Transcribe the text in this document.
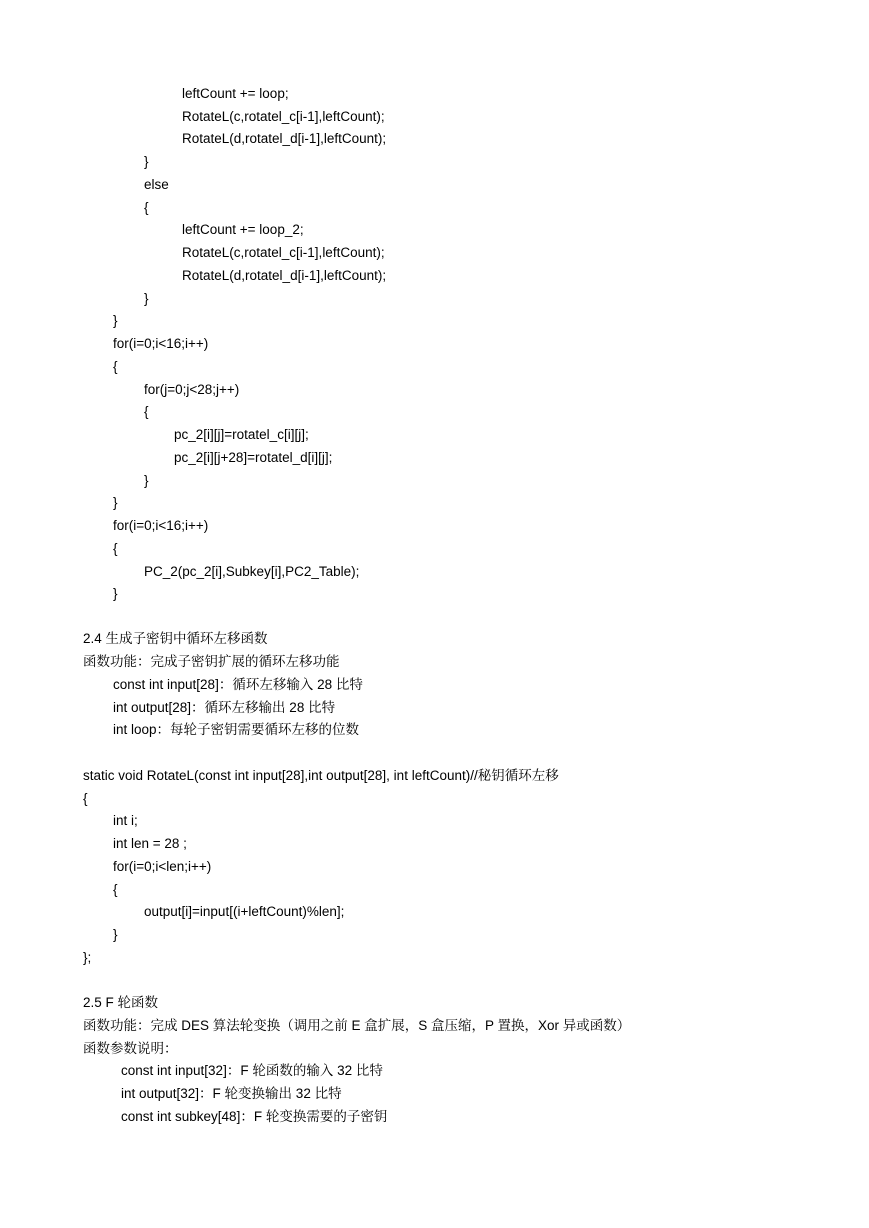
leftCount += loop;
RotateL(c,rotatel_c[i-1],leftCount);
RotateL(d,rotatel_d[i-1],leftCount);
}
else
{
leftCount += loop_2;
RotateL(c,rotatel_c[i-1],leftCount);
RotateL(d,rotatel_d[i-1],leftCount);
}
}
for(i=0;i<16;i++)
{
for(j=0;j<28;j++)
{
pc_2[i][j]=rotatel_c[i][j];
pc_2[i][j+28]=rotatel_d[i][j];
}
}
for(i=0;i<16;i++)
{
PC_2(pc_2[i],Subkey[i],PC2_Table);
}
2.4 生成子密钥中循环左移函数
函数功能：完成子密钥扩展的循环左移功能
const int input[28]：循环左移输入 28 比特
int output[28]：循环左移输出 28 比特
int loop：每轮子密钥需要循环左移的位数
static void RotateL(const int input[28],int output[28], int leftCount)//秘钥循环左移
{
int i;
int len = 28 ;
for(i=0;i<len;i++)
{
output[i]=input[(i+leftCount)%len];
}
};
2.5 F 轮函数
函数功能：完成 DES 算法轮变换（调用之前 E 盒扩展，S 盒压缩，P 置换，Xor 异或函数）
函数参数说明：
const int input[32]：F 轮函数的输入 32 比特
int output[32]：F 轮变换输出 32 比特
const int subkey[48]：F 轮变换需要的子密钥
